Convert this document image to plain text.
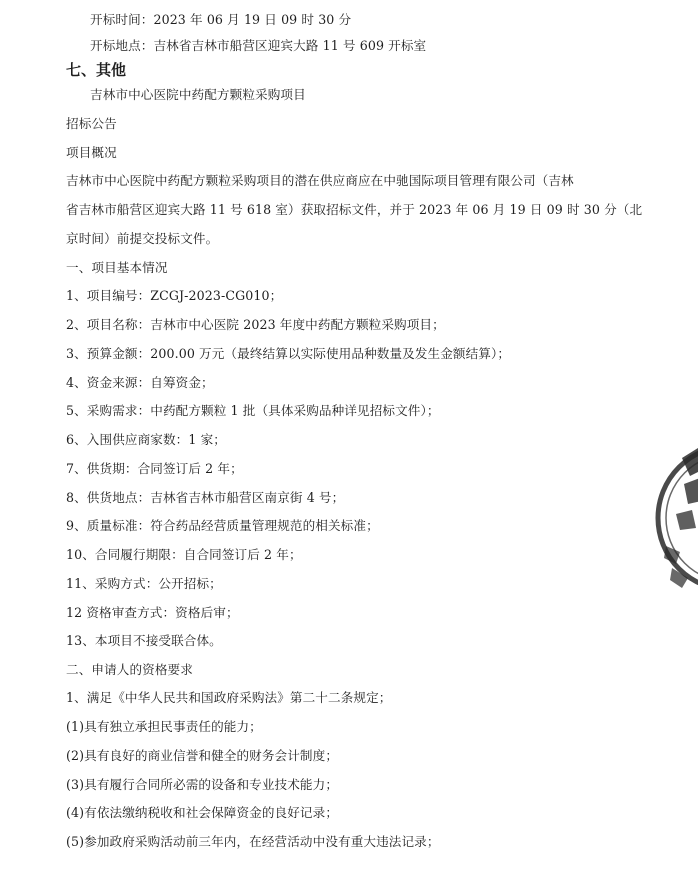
开标时间：2023 年 06 月 19 日 09 时 30 分

开标地点：吉林省吉林市船营区迎宾大路 11 号 609 开标室

七、其他

吉林市中心医院中药配方颗粒采购项目

招标公告

项目概况

吉林市中心医院中药配方颗粒采购项目的潜在供应商应在中驰国际项目管理有限公司（吉林

省吉林市船营区迎宾大路 11 号 618 室）获取招标文件，并于 2023 年 06 月 19 日 09 时 30 分（北

京时间）前提交投标文件。

一、项目基本情况

1、项目编号：ZCGJ-2023-CG010；

2、项目名称：吉林市中心医院 2023 年度中药配方颗粒采购项目；

3、预算金额：200.00 万元（最终结算以实际使用品种数量及发生金额结算）；

4、资金来源：自筹资金；

5、采购需求：中药配方颗粒 1 批（具体采购品种详见招标文件）；

6、入围供应商家数：1 家；

7、供货期：合同签订后 2 年；

8、供货地点：吉林省吉林市船营区南京街 4 号；

9、质量标准：符合药品经营质量管理规范的相关标准；

10、合同履行期限：自合同签订后 2 年；

11、采购方式：公开招标；

12 资格审查方式：资格后审；

13、本项目不接受联合体。

二、申请人的资格要求

1、满足《中华人民共和国政府采购法》第二十二条规定；

(1)具有独立承担民事责任的能力；

(2)具有良好的商业信誉和健全的财务会计制度；

(3)具有履行合同所必需的设备和专业技术能力；

(4)有依法缴纳税收和社会保障资金的良好记录；

(5)参加政府采购活动前三年内，在经营活动中没有重大违法记录；
